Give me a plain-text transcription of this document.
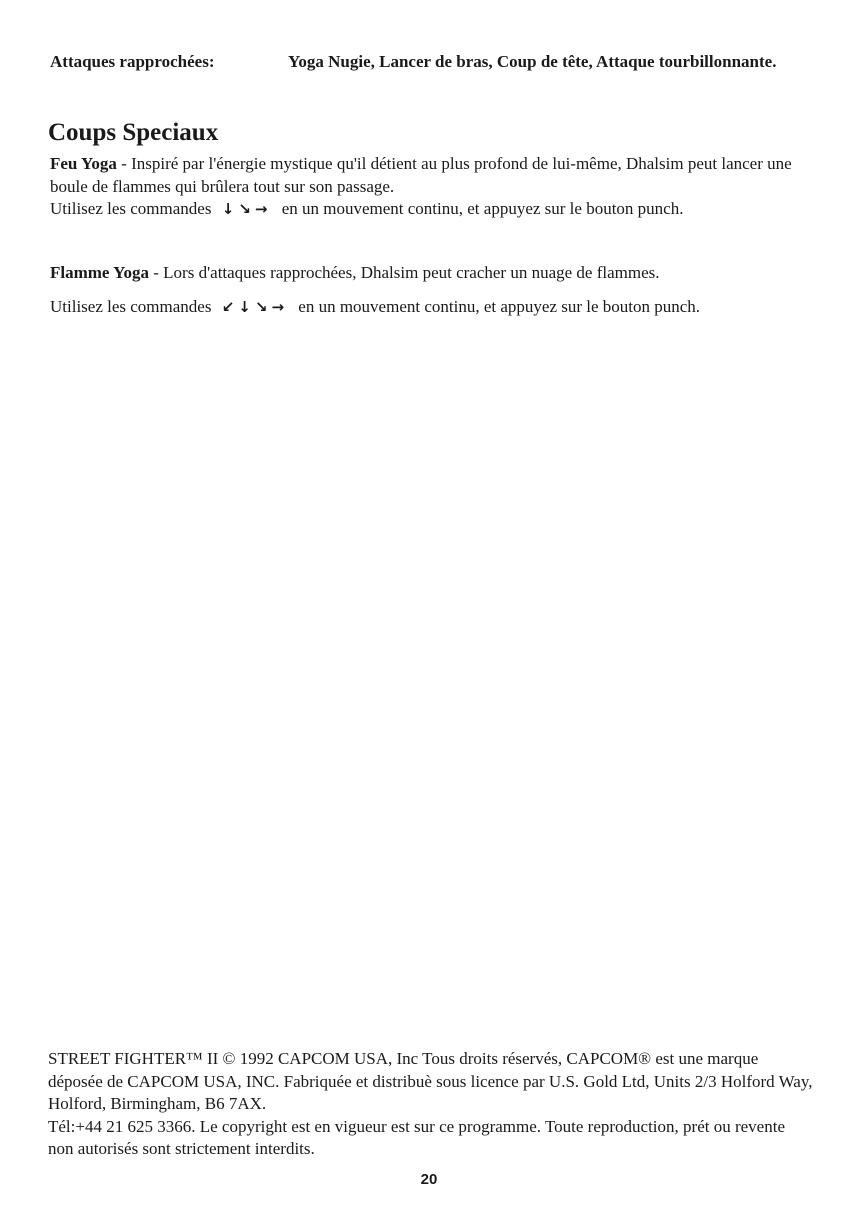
Attaques rapprochées:	Yoga Nugie, Lancer de bras, Coup de tête, Attaque tourbillonnante.
Coups Speciaux
Feu Yoga - Inspiré par l'énergie mystique qu'il détient au plus profond de lui-même, Dhalsim peut lancer une boule de flammes qui brûlera tout sur son passage.
Utilisez les commandes ↓↘→ en un mouvement continu, et appuyez sur le bouton punch.
Flamme Yoga - Lors d'attaques rapprochées, Dhalsim peut cracher un nuage de flammes.
Utilisez les commandes ↙↓↘→ en un mouvement continu, et appuyez sur le bouton punch.
STREET FIGHTER™ II © 1992 CAPCOM USA, Inc Tous droits réservés, CAPCOM® est une marque déposée de CAPCOM USA, INC. Fabriquée et distribuè sous licence par U.S. Gold Ltd, Units 2/3 Holford Way, Holford, Birmingham, B6 7AX.
Tél:+44 21 625 3366. Le copyright est en vigueur est sur ce programme. Toute reproduction, prét ou revente non autorisés sont strictement interdits.
20
